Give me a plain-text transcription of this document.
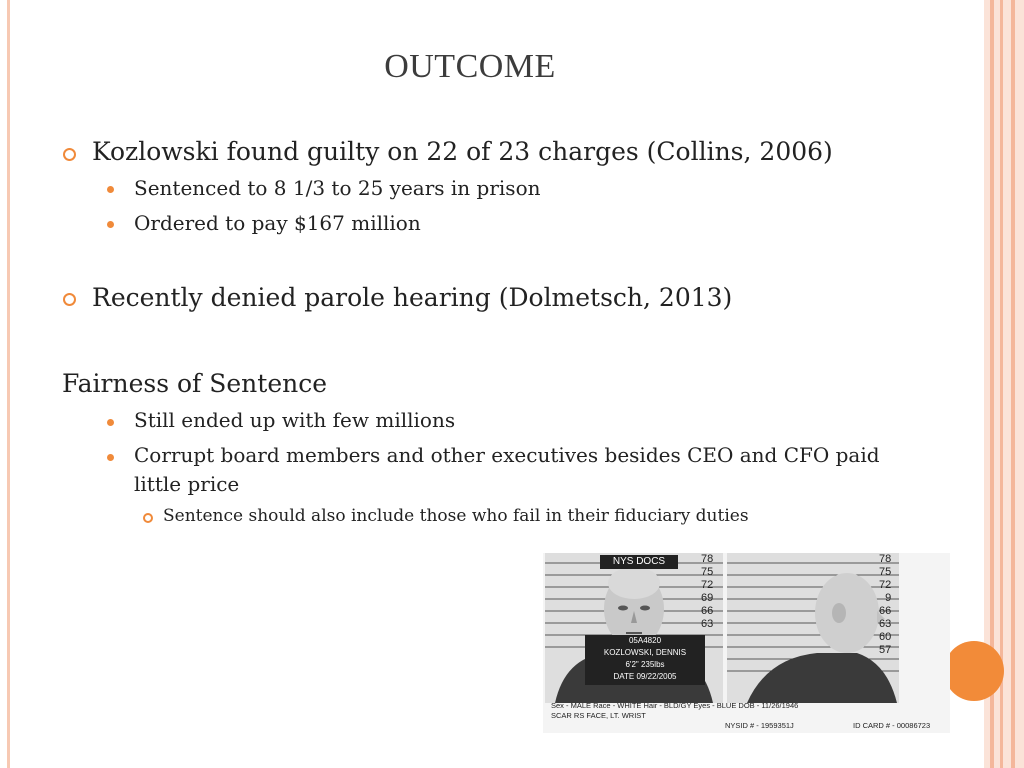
OUTCOME
Kozlowski found guilty on 22 of 23 charges (Collins, 2006)
Sentenced to 8 1/3 to 25 years in prison
Ordered to pay $167 million
Recently denied parole hearing (Dolmetsch, 2013)
Fairness of Sentence
Still ended up with few millions
Corrupt board members and other executives besides CEO and CFO paid
little price
Sentence should also include those who fail in their fiduciary duties
NYS DOCS	78
75
72
69
66
63
05A4820
KOZLOWSKI, DENNIS
6'2" 235lbs
DATE 09/22/2005
78
75
72
9
66
63
60
57
Sex - MALE Race - WHITE Hair - BLD/GY Eyes - BLUE DOB - 11/26/1946
SCAR RS FACE, LT. WRIST
NYSID # - 1959351J	ID CARD # - 00086723
